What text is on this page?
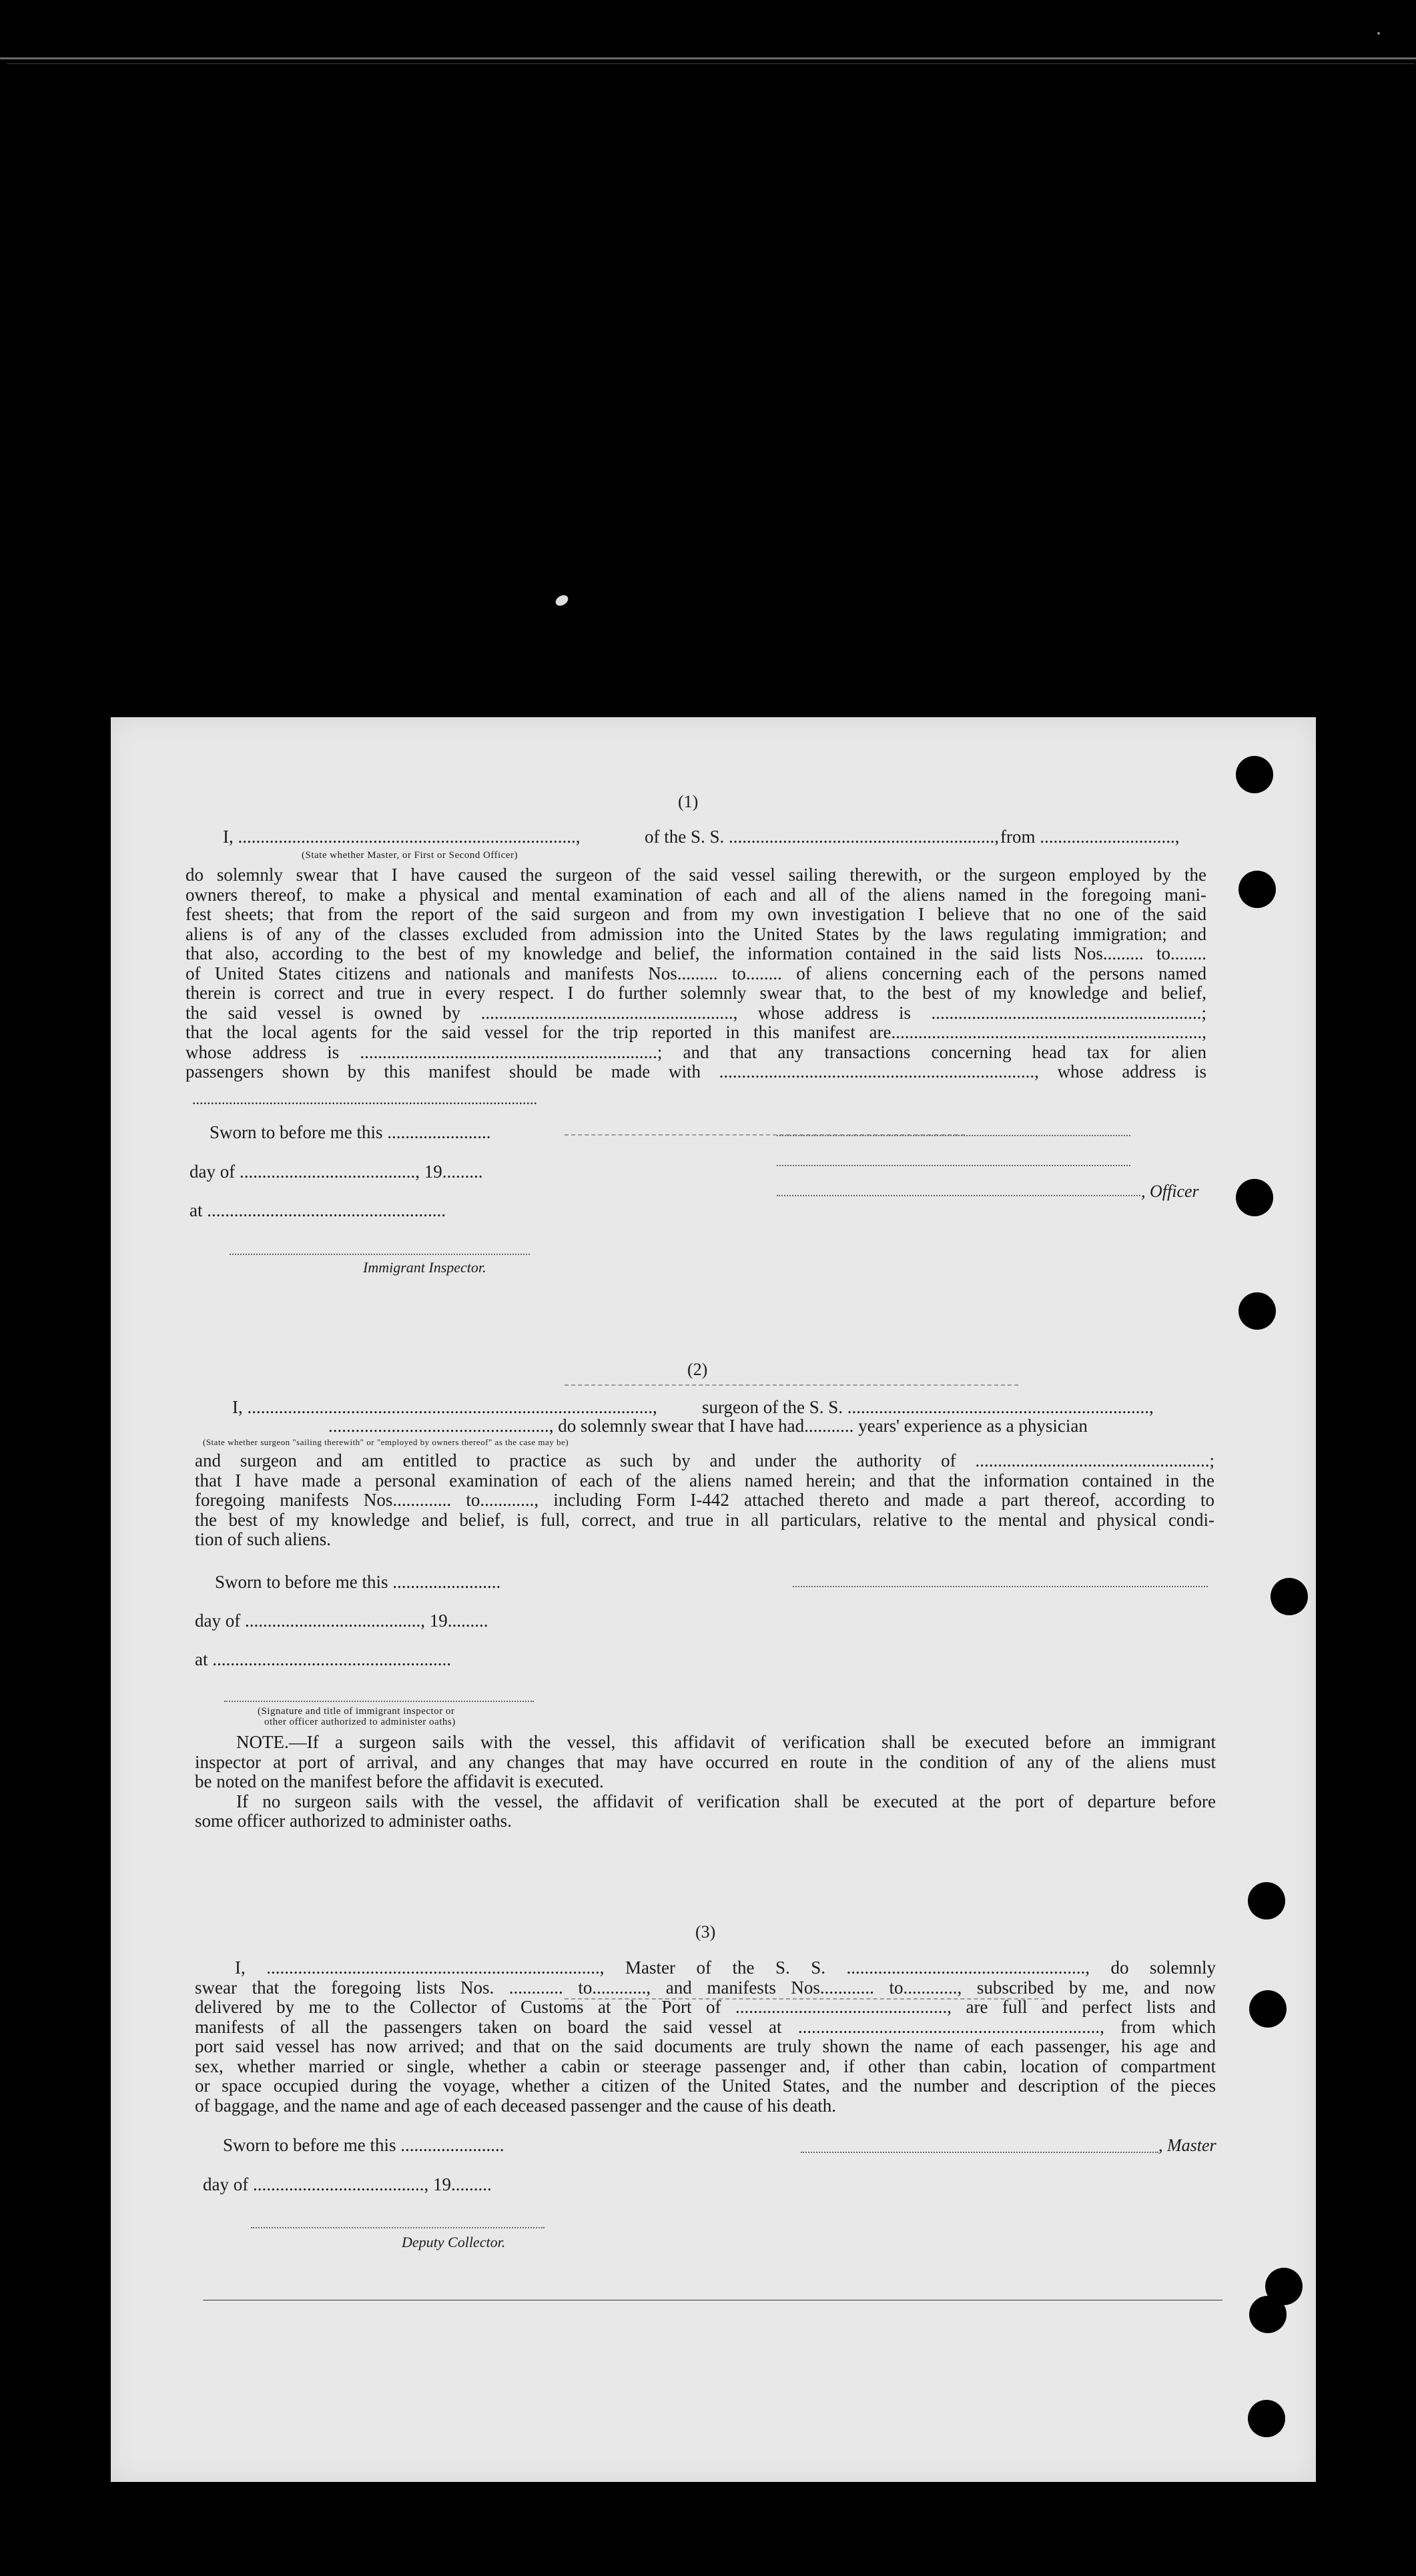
(1)
I, ...........................................................................,	of the S. S. ..........................................................., from ..............................,
(State whether Master, or First or Second Officer)
do solemnly swear that I have caused the surgeon of the said vessel sailing therewith, or the surgeon employed by the
owners thereof, to make a physical and mental examination of each and all of the aliens named in the foregoing mani-
fest sheets; that from the report of the said surgeon and from my own investigation I believe that no one of the said
aliens is of any of the classes excluded from admission into the United States by the laws regulating immigration; and
that also, according to the best of my knowledge and belief, the information contained in the said lists Nos......... to........
of United States citizens and nationals and manifests Nos......... to........ of aliens concerning each of the persons named
therein is correct and true in every respect. I do further solemnly swear that, to the best of my knowledge and belief,
the said vessel is owned by ........................................................, whose address is ............................................................;
that the local agents for the said vessel for the trip reported in this manifest are.....................................................................,
whose address is ..................................................................; and that any transactions concerning head tax for alien
passengers shown by this manifest should be made with ......................................................................, whose address is
..............................................................................................
Sworn to before me this .......................
day of ......................................., 19.........
at .....................................................
Immigrant Inspector.
, Officer
(2)
I, .........................................................................................., surgeon of the S. S. ...................................................................,
................................................., do solemnly swear that I have had........... years' experience as a physician
(State whether surgeon "sailing therewith" or "employed by owners thereof" as the case may be)
and surgeon and am entitled to practice as such by and under the authority of ....................................................;
that I have made a personal examination of each of the aliens named herein; and that the information contained in the
foregoing manifests Nos............. to............, including Form I-442 attached thereto and made a part thereof, according to
the best of my knowledge and belief, is full, correct, and true in all particulars, relative to the mental and physical condi-
tion of such aliens.
Sworn to before me this ........................
day of ......................................., 19.........
at .....................................................
(Signature and title of immigrant inspector or
other officer authorized to administer oaths)
NOTE.—If a surgeon sails with the vessel, this affidavit of verification shall be executed before an immigrant
inspector at port of arrival, and any changes that may have occurred en route in the condition of any of the aliens must
be noted on the manifest before the affidavit is executed.
If no surgeon sails with the vessel, the affidavit of verification shall be executed at the port of departure before
some officer authorized to administer oaths.
(3)
I, .........................................................................., Master of the S. S. ....................................................., do solemnly
swear that the foregoing lists Nos. ............ to............, and manifests Nos............ to............, subscribed by me, and now
delivered by me to the Collector of Customs at the Port of ..............................................., are full and perfect lists and
manifests of all the passengers taken on board the said vessel at ..................................................................., from which
port said vessel has now arrived; and that on the said documents are truly shown the name of each passenger, his age and
sex, whether married or single, whether a cabin or steerage passenger and, if other than cabin, location of compartment
or space occupied during the voyage, whether a citizen of the United States, and the number and description of the pieces
of baggage, and the name and age of each deceased passenger and the cause of his death.
Sworn to before me this .......................	, Master
day of ......................................, 19.........
Deputy Collector.
